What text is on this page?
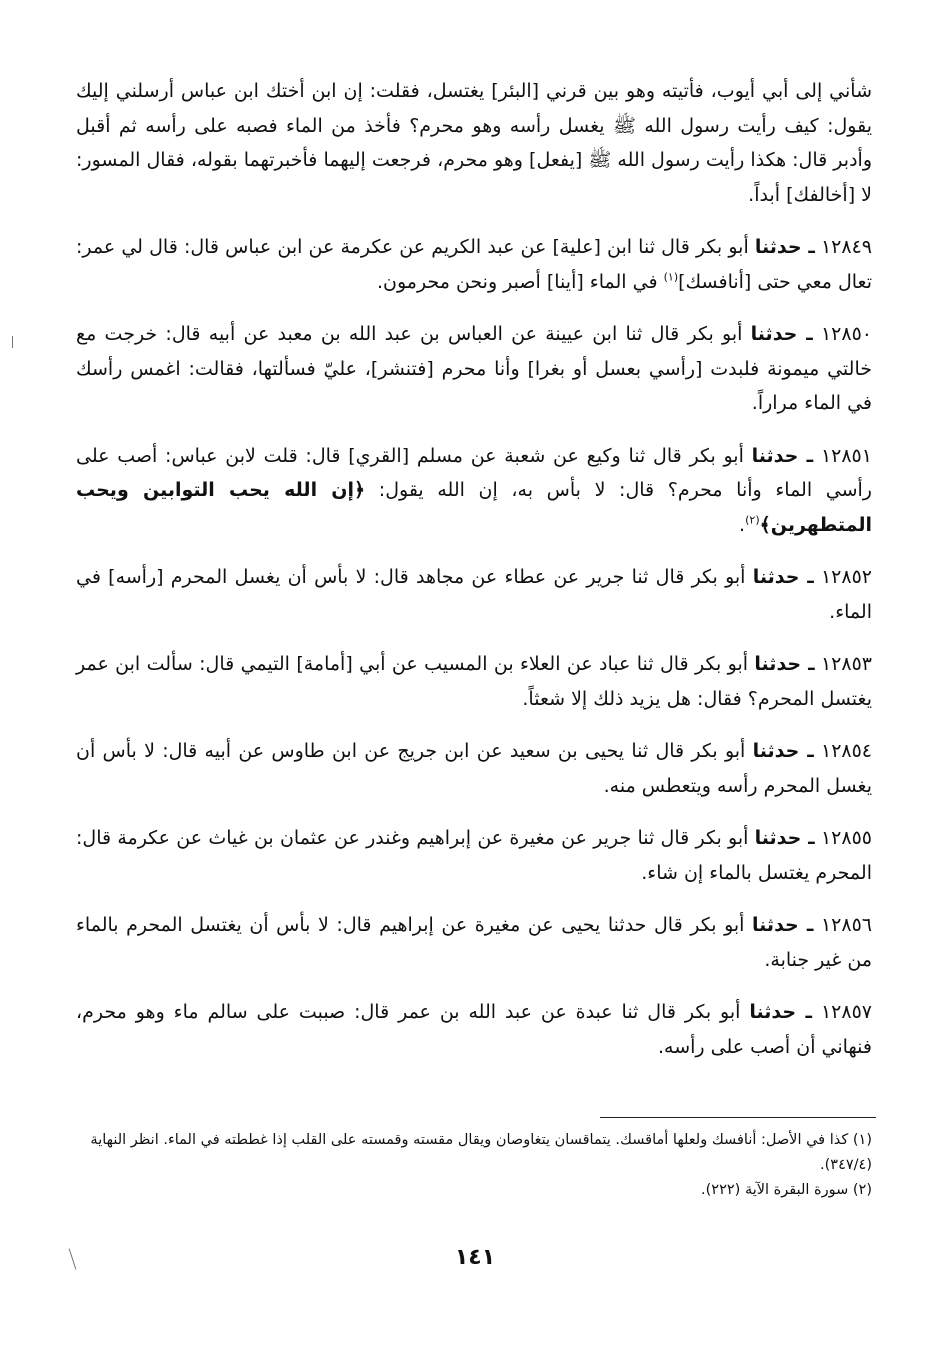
شأني إلى أبي أيوب، فأتيته وهو بين قرني [البئر] يغتسل، فقلت: إن ابن أختك ابن عباس أرسلني إليك يقول: كيف رأيت رسول الله ﷺ يغسل رأسه وهو محرم؟ فأخذ من الماء فصبه على رأسه ثم أقبل وأدبر قال: هكذا رأيت رسول الله ﷺ [يفعل] وهو محرم، فرجعت إليهما فأخبرتهما بقوله، فقال المسور: لا [أخالفك] أبداً.

١٢٨٤٩ ـ حدثنا أبو بكر قال ثنا ابن [علية] عن عبد الكريم عن عكرمة عن ابن عباس قال: قال لي عمر: تعال معي حتى [أنافسك]$^{(١)}$ في الماء [أينا] أصبر ونحن محرمون.

١٢٨٥٠ ـ حدثنا أبو بكر قال ثنا ابن عيينة عن العباس بن عبد الله بن معبد عن أبيه قال: خرجت مع خالتي ميمونة فلبدت [رأسي بعسل أو بغرا] وأنا محرم [فتنشر]، عليّ فسألتها، فقالت: اغمس رأسك في الماء مراراً.

١٢٨٥١ ـ حدثنا أبو بكر قال ثنا وكيع عن شعبة عن مسلم [القري] قال: قلت لابن عباس: أصب على رأسي الماء وأنا محرم؟ قال: لا بأس به، إن الله يقول: ﴿إن الله يحب التوابين ويحب المتطهرين﴾$^{(٢)}$.

١٢٨٥٢ ـ حدثنا أبو بكر قال ثنا جرير عن عطاء عن مجاهد قال: لا بأس أن يغسل المحرم [رأسه] في الماء.

١٢٨٥٣ ـ حدثنا أبو بكر قال ثنا عباد عن العلاء بن المسيب عن أبي [أمامة] التيمي قال: سألت ابن عمر يغتسل المحرم؟ فقال: هل يزيد ذلك إلا شعثاً.

١٢٨٥٤ ـ حدثنا أبو بكر قال ثنا يحيى بن سعيد عن ابن جريج عن ابن طاوس عن أبيه قال: لا بأس أن يغسل المحرم رأسه ويتعطس منه.

١٢٨٥٥ ـ حدثنا أبو بكر قال ثنا جرير عن مغيرة عن إبراهيم وغندر عن عثمان بن غياث عن عكرمة قال: المحرم يغتسل بالماء إن شاء.

١٢٨٥٦ ـ حدثنا أبو بكر قال حدثنا يحيى عن مغيرة عن إبراهيم قال: لا بأس أن يغتسل المحرم بالماء من غير جنابة.

١٢٨٥٧ ـ حدثنا أبو بكر قال ثنا عبدة عن عبد الله بن عمر قال: صببت على سالم ماء وهو محرم، فنهاني أن أصب على رأسه.

(١) كذا في الأصل: أنافسك ولعلها أماقسك. يتماقسان يتغاوصان ويقال مقسته وقمسته على القلب إذا غططته في الماء. انظر النهاية (٣٤٧/٤).

(٢) سورة البقرة الآية (٢٢٢).

١٤١
